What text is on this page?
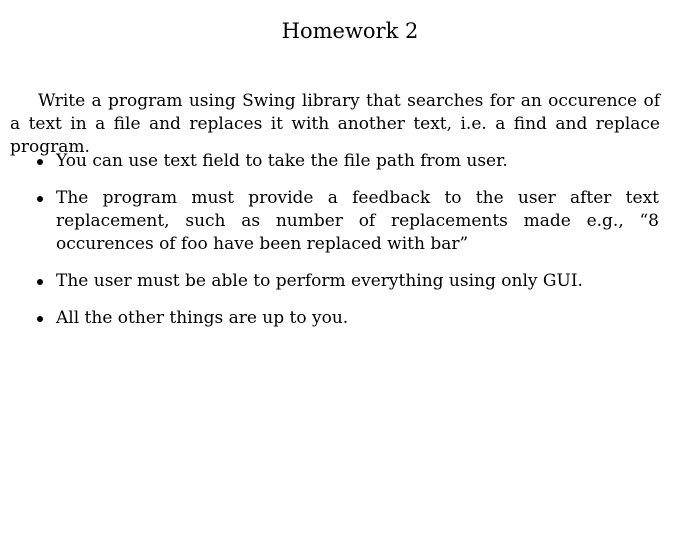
Homework 2

Write a program using Swing library that searches for an occurence of a text in a file and replaces it with another text, i.e. a find and replace program.

You can use text field to take the file path from user.
The program must provide a feedback to the user after text replacement, such as number of replacements made e.g., “8 occurences of foo have been replaced with bar”
The user must be able to perform everything using only GUI.
All the other things are up to you.
